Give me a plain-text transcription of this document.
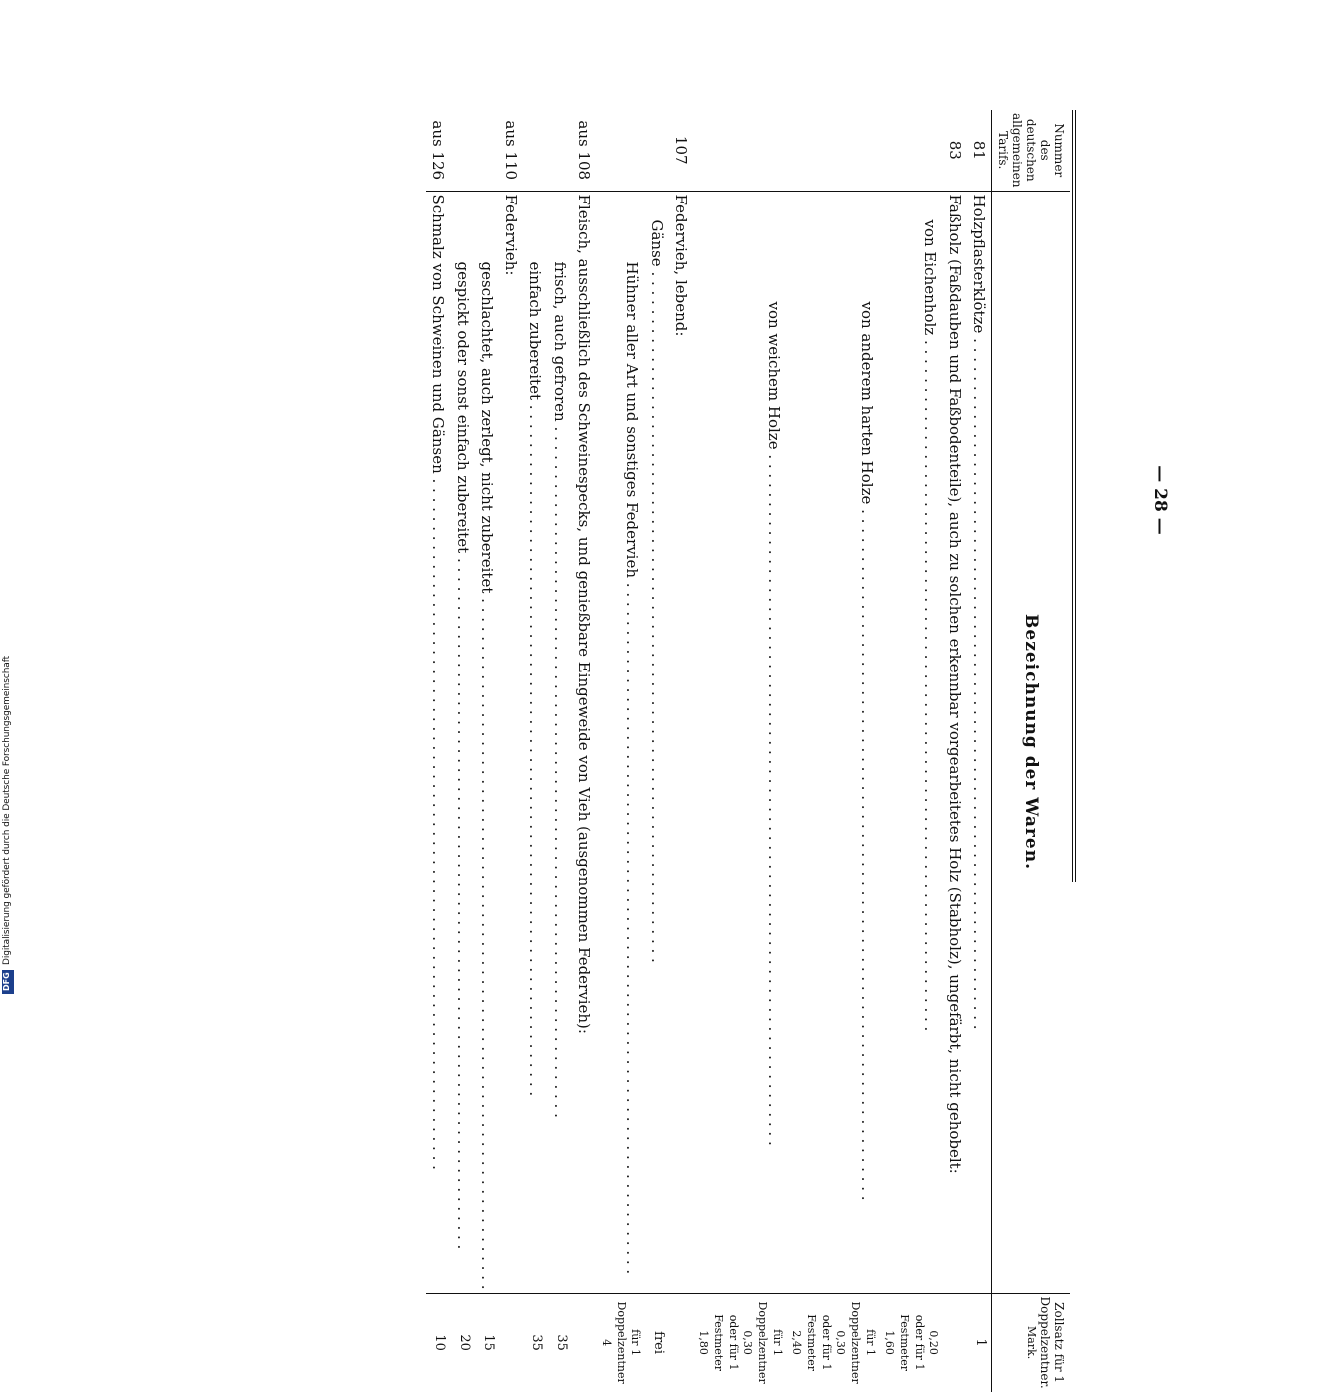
Digitalisierung gefördert durch die Deutsche Forschungsgemeinschaft
DFG
— 28 —
Nummer des deutschen allgemeinen Tarifs.	Bezeichnung der Waren.	Zollsatz für 1 Doppelzentner.
Mark.

81	Holzpflasterklötze . . .	1
83	Faßholz (Faßdauben und Faßbodenteile), auch zu solchen erkennbar vorgearbeitetes Holz (Stabholz), ungefärbt, nicht gehobelt:	
	von Eichenholz . . .	0,20
oder für 1 Festmeter
1,60

	von anderem harten Holze . . .	für 1 Doppelzentner
0,30
oder für 1 Festmeter
2,40

	von weichem Holze . . .	für 1 Doppelzentner
0,30
oder für 1 Festmeter
1,80

107	Federvieh, lebend:	
	Gänse . . .	frei
	Hühner aller Art und sonstiges Federvieh . . .	für 1 Doppelzentner
4

aus 108	Fleisch, ausschließlich des Schweinespecks, und genießbare Eingeweide von Vieh (ausgenommen Federvieh):	
	frisch, auch gefroren . . .	35
	einfach zubereitet . . .	35
aus 110	Federvieh:	
	geschlachtet, auch zerlegt, nicht zubereitet . . .	15
	gespickt oder sonst einfach zubereitet . . .	20
aus 126	Schmalz von Schweinen und Gänsen . . .	10
